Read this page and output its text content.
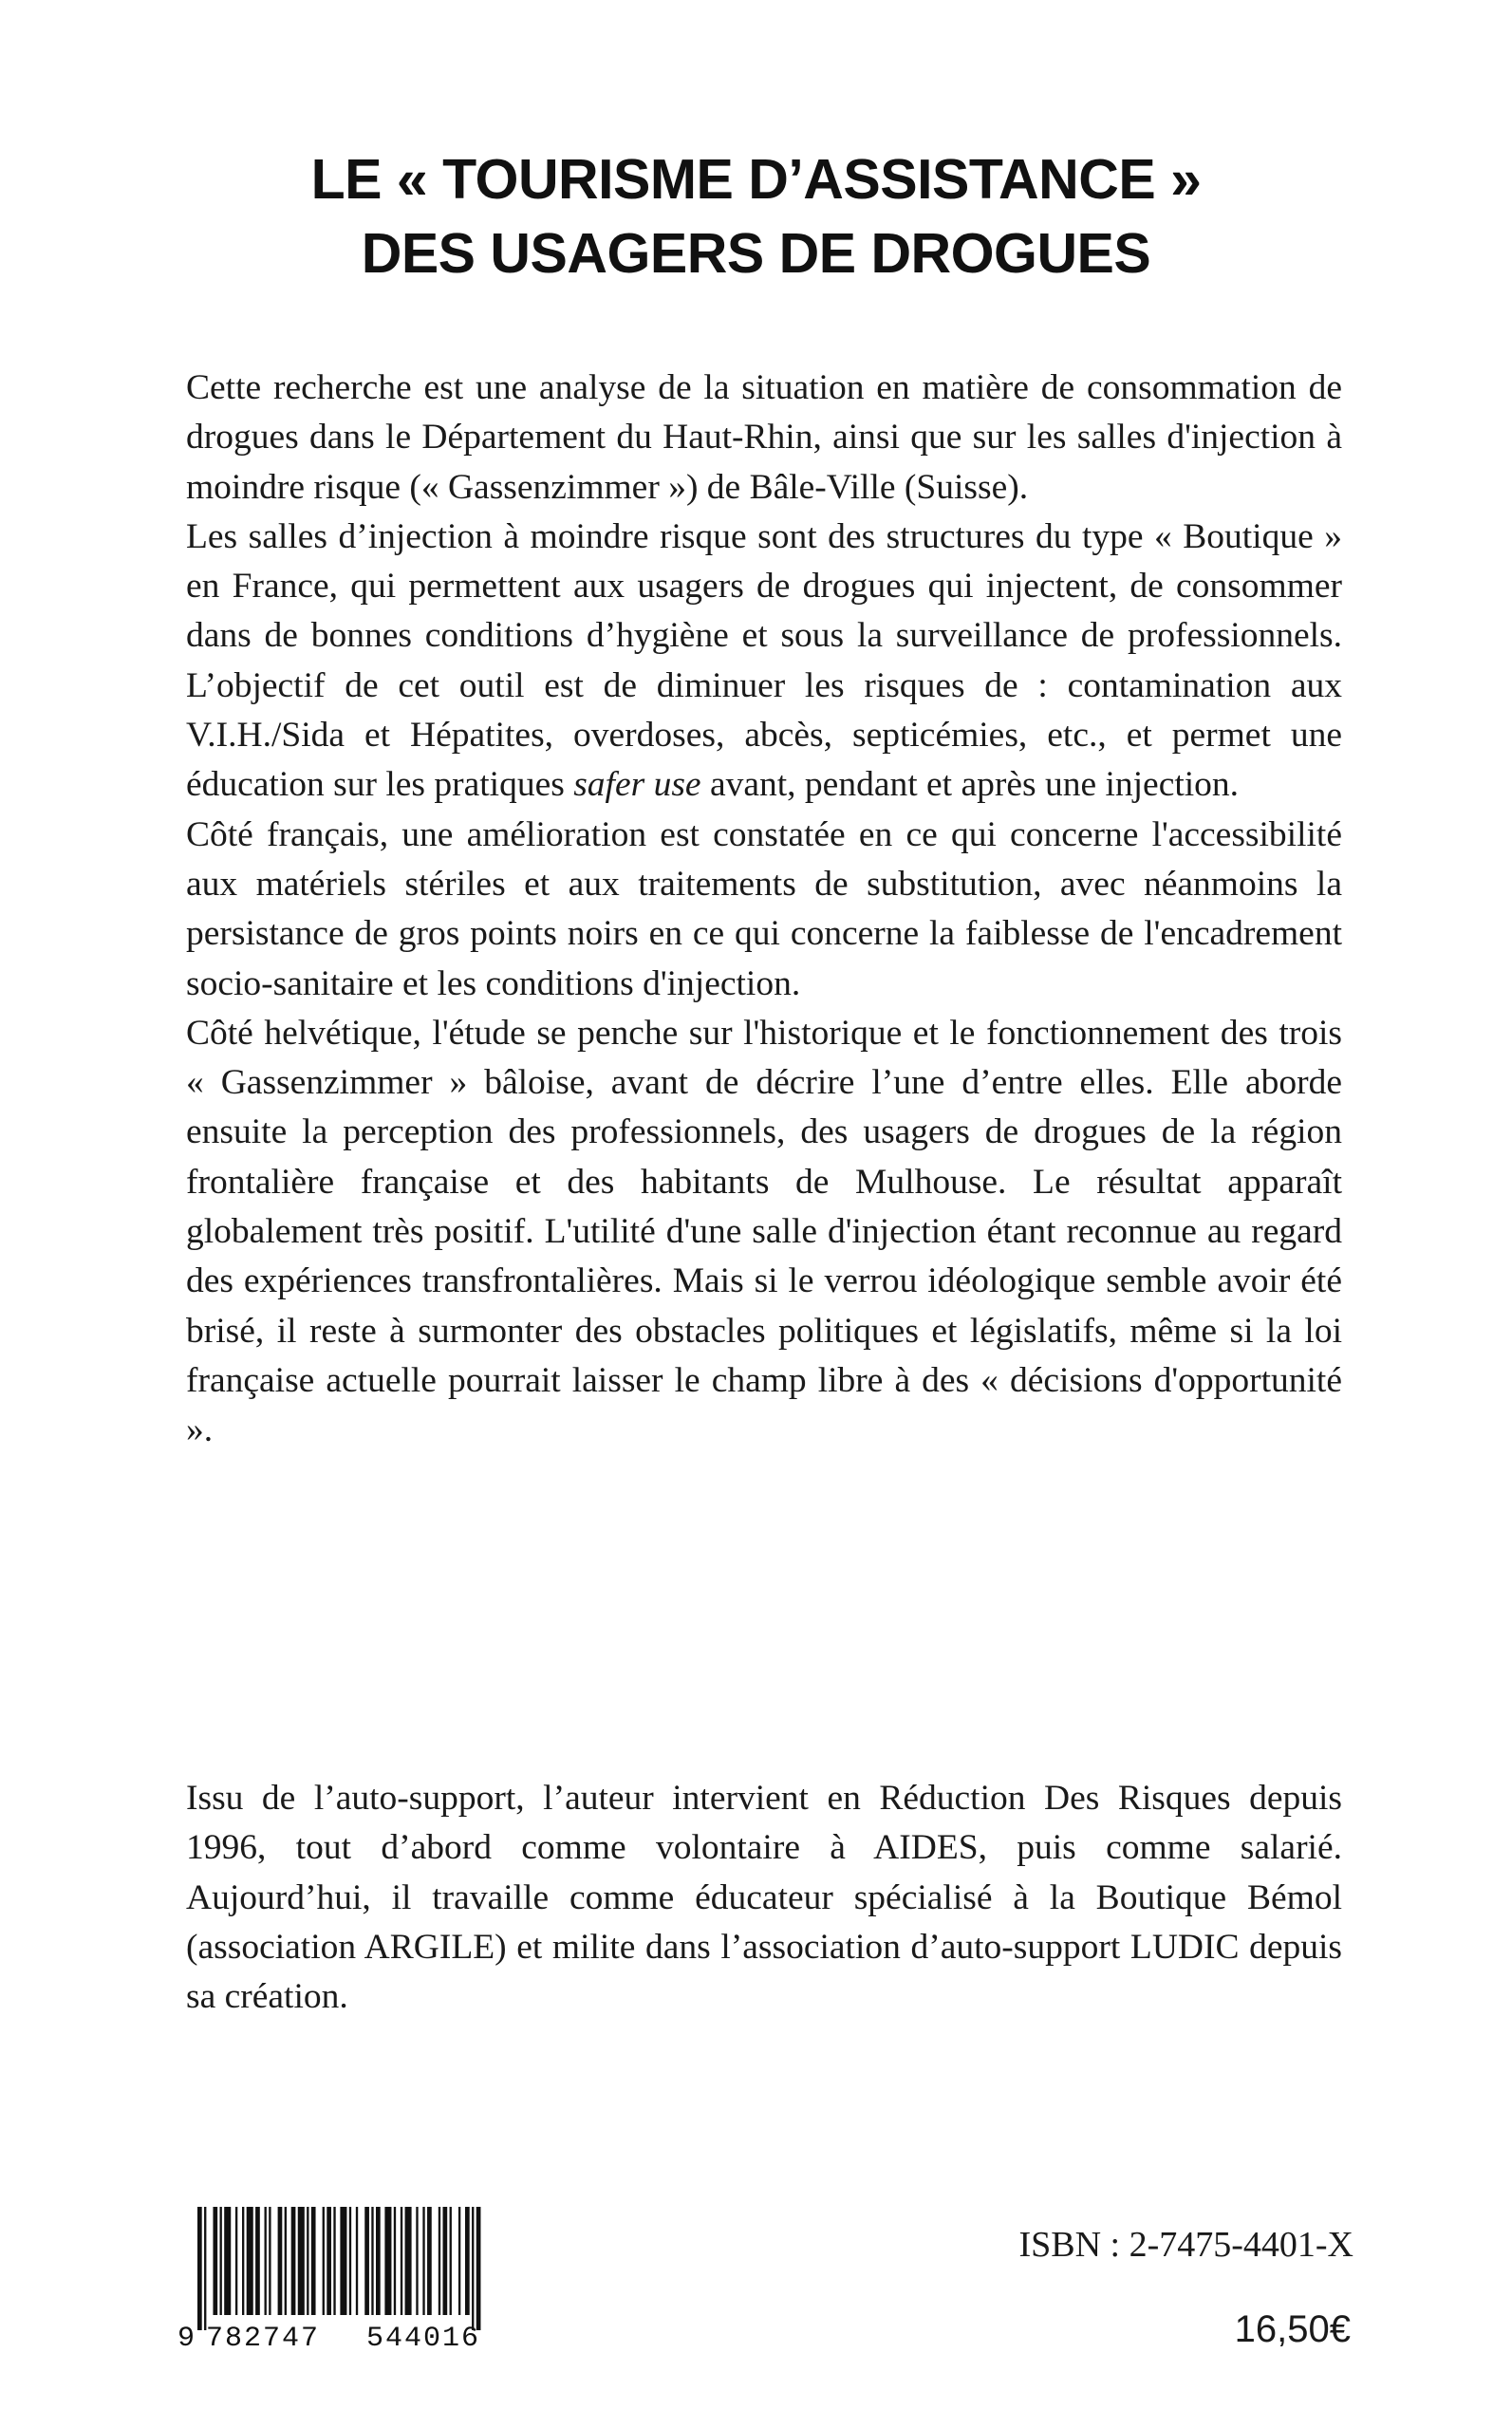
LE « TOURISME D’ASSISTANCE »
DES USAGERS DE DROGUES

Cette recherche est une analyse de la situation en matière de consommation de drogues dans le Département du Haut-Rhin, ainsi que sur les salles d'injection à moindre risque (« Gassenzimmer ») de Bâle-Ville (Suisse).

Les salles d’injection à moindre risque sont des structures du type « Boutique » en France, qui permettent aux usagers de drogues qui injectent, de consommer dans de bonnes conditions d’hygiène et sous la surveillance de professionnels. L’objectif de cet outil est de diminuer les risques de : contamination aux V.I.H./Sida et Hépatites, overdoses, abcès, septicémies, etc., et permet une éducation sur les pratiques safer use avant, pendant et après une injection.

Côté français, une amélioration est constatée en ce qui concerne l'accessibilité aux matériels stériles et aux traitements de substitution, avec néanmoins la persistance de gros points noirs en ce qui concerne la faiblesse de l'encadrement socio-sanitaire et les conditions d'injection.

Côté helvétique, l'étude se penche sur l'historique et le fonctionnement des trois « Gassenzimmer » bâloise, avant de décrire l’une d’entre elles. Elle aborde ensuite la perception des professionnels, des usagers de drogues de la région frontalière française et des habitants de Mulhouse. Le résultat apparaît globalement très positif. L'utilité d'une salle d'injection étant reconnue au regard des expériences transfrontalières. Mais si le verrou idéologique semble avoir été brisé, il reste à surmonter des obstacles politiques et législatifs, même si la loi française actuelle pourrait laisser le champ libre à des « décisions d'opportunité ».

Issu de l’auto-support, l’auteur intervient en Réduction Des Risques depuis 1996, tout d’abord comme volontaire à AIDES, puis comme salarié. Aujourd’hui, il travaille comme éducateur spécialisé à la Boutique Bémol (association ARGILE) et milite dans l’association d’auto-support LUDIC depuis sa création.

9 782747 544016
ISBN : 2-7475-4401-X
16,50€
